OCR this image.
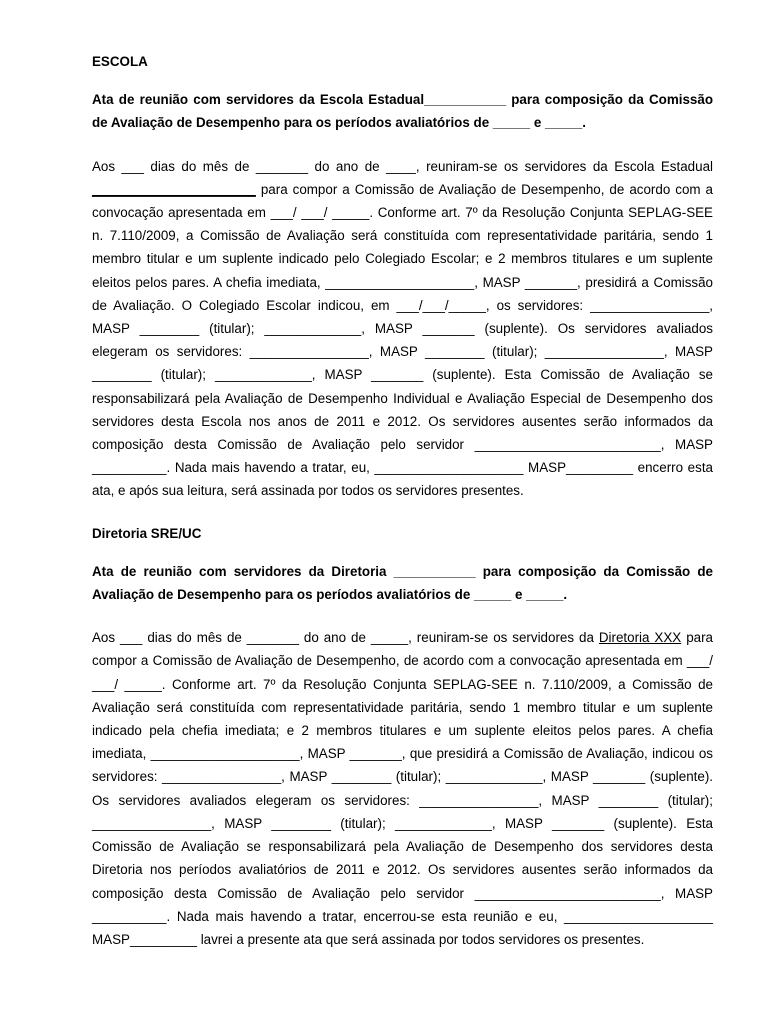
ESCOLA

Ata de reunião com servidores da Escola Estadual___________ para composição da Comissão de Avaliação de Desempenho para os períodos avaliatórios de _____ e _____.

Aos ___ dias do mês de _______ do ano de ____, reuniram-se os servidores da Escola Estadual ______________________ para compor a Comissão de Avaliação de Desempenho, de acordo com a convocação apresentada em ___/ ___/ _____. Conforme art. 7º da Resolução Conjunta SEPLAG-SEE n. 7.110/2009, a Comissão de Avaliação será constituída com representatividade paritária, sendo 1 membro titular e um suplente indicado pelo Colegiado Escolar; e 2 membros titulares e um suplente eleitos pelos pares. A chefia imediata, ____________________, MASP _______, presidirá a Comissão de Avaliação. O Colegiado Escolar indicou, em ___/___/_____, os servidores: ________________, MASP ________ (titular); _____________, MASP _______ (suplente). Os servidores avaliados elegeram os servidores: ________________, MASP ________ (titular); ________________, MASP ________ (titular); _____________, MASP _______ (suplente). Esta Comissão de Avaliação se responsabilizará pela Avaliação de Desempenho Individual e Avaliação Especial de Desempenho dos servidores desta Escola nos anos de 2011 e 2012. Os servidores ausentes serão informados da composição desta Comissão de Avaliação pelo servidor _________________________, MASP __________. Nada mais havendo a tratar, eu, ____________________ MASP_________ encerro esta ata, e após sua leitura, será assinada por todos os servidores presentes.

Diretoria SRE/UC

Ata de reunião com servidores da Diretoria ___________ para composição da Comissão de Avaliação de Desempenho para os períodos avaliatórios de _____ e _____.

Aos ___ dias do mês de _______ do ano de _____, reuniram-se os servidores da Diretoria XXX para compor a Comissão de Avaliação de Desempenho, de acordo com a convocação apresentada em ___/ ___/ _____. Conforme art. 7º da Resolução Conjunta SEPLAG-SEE n. 7.110/2009, a Comissão de Avaliação será constituída com representatividade paritária, sendo 1 membro titular e um suplente indicado pela chefia imediata; e 2 membros titulares e um suplente eleitos pelos pares. A chefia imediata, ____________________, MASP _______, que presidirá a Comissão de Avaliação, indicou os servidores: ________________, MASP ________ (titular); _____________, MASP _______ (suplente). Os servidores avaliados elegeram os servidores: ________________, MASP ________ (titular); ________________, MASP ________ (titular); _____________, MASP _______ (suplente). Esta Comissão de Avaliação se responsabilizará pela Avaliação de Desempenho dos servidores desta Diretoria nos períodos avaliatórios de 2011 e 2012. Os servidores ausentes serão informados da composição desta Comissão de Avaliação pelo servidor _________________________, MASP __________. Nada mais havendo a tratar, encerrou-se esta reunião e eu, ____________________ MASP_________ lavrei a presente ata que será assinada por todos servidores os presentes.
